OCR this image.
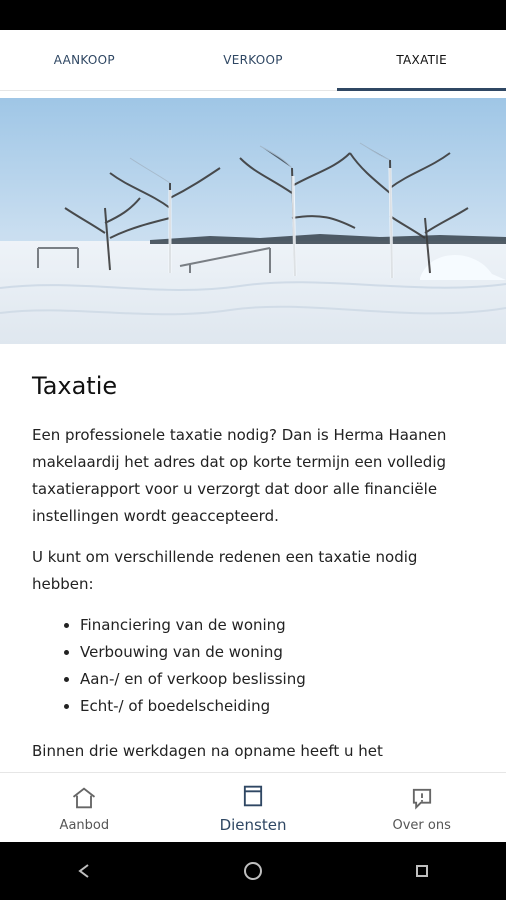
AANKOOP	VERKOOP	TAXATIE
Taxatie

Een professionele taxatie nodig? Dan is Herma Haanen makelaardij het adres dat op korte termijn een volledig taxatierapport voor u verzorgt dat door alle financiële instellingen wordt geaccepteerd.

U kunt om verschillende redenen een taxatie nodig hebben:

• Financiering van de woning
• Verbouwing van de woning
• Aan-/ en of verkoop beslissing
• Echt-/ of boedelscheiding

Binnen drie werkdagen na opname heeft u het

Aanbod	Diensten	Over ons
